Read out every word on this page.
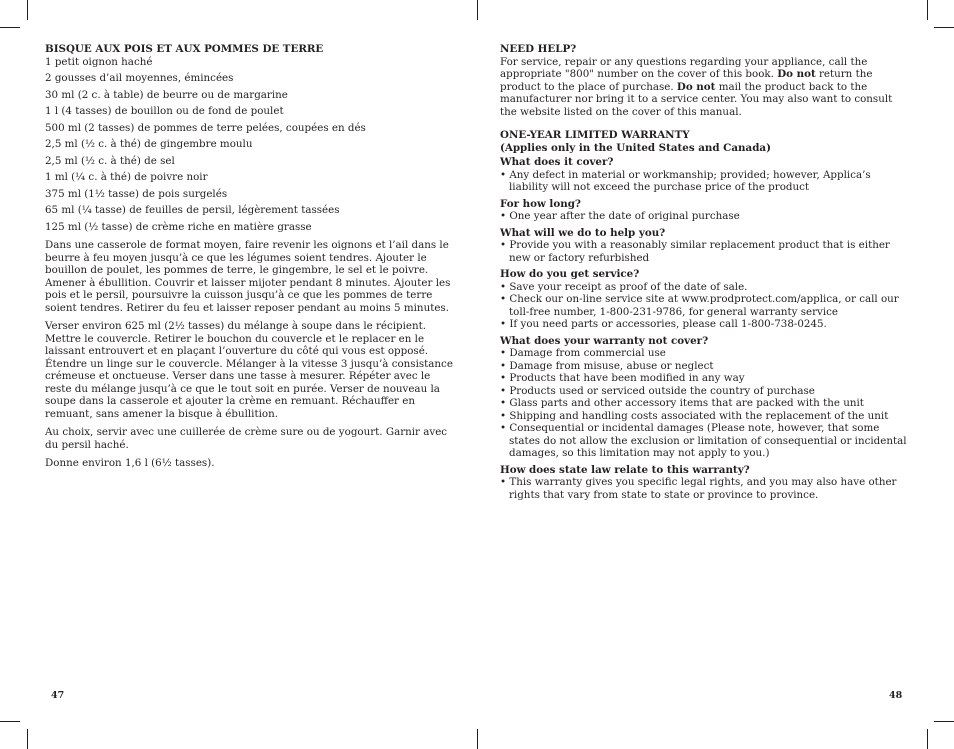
BISQUE AUX POIS ET AUX POMMES DE TERRE

1 petit oignon haché

2 gousses d’ail moyennes, émincées

30 ml (2 c. à table) de beurre ou de margarine

1 l (4 tasses) de bouillon ou de fond de poulet

500 ml (2 tasses) de pommes de terre pelées, coupées en dés

2,5 ml (½ c. à thé) de gingembre moulu

2,5 ml (½ c. à thé) de sel

1 ml (¼ c. à thé) de poivre noir

375 ml (1½ tasse) de pois surgelés

65 ml (¼ tasse) de feuilles de persil, légèrement tassées

125 ml (½ tasse) de crème riche en matière grasse

Dans une casserole de format moyen, faire revenir les oignons et l’ail dans le beurre à feu moyen jusqu’à ce que les légumes soient tendres. Ajouter le bouillon de poulet, les pommes de terre, le gingembre, le sel et le poivre. Amener à ébullition. Couvrir et laisser mijoter pendant 8 minutes. Ajouter les pois et le persil, poursuivre la cuisson jusqu’à ce que les pommes de terre soient tendres. Retirer du feu et laisser reposer pendant au moins 5 minutes.

Verser environ 625 ml (2½ tasses) du mélange à soupe dans le récipient. Mettre le couvercle. Retirer le bouchon du couvercle et le replacer en le laissant entrouvert et en plaçant l’ouverture du côté qui vous est opposé. Étendre un linge sur le couvercle. Mélanger à la vitesse 3 jusqu’à consistance crémeuse et onctueuse. Verser dans une tasse à mesurer. Répéter avec le reste du mélange jusqu’à ce que le tout soit en purée. Verser de nouveau la soupe dans la casserole et ajouter la crème en remuant. Réchauffer en remuant, sans amener la bisque à ébullition.

Au choix, servir avec une cuillerée de crème sure ou de yogourt. Garnir avec du persil haché.

Donne environ 1,6 l (6½ tasses).

NEED HELP?
For service, repair or any questions regarding your appliance, call the appropriate "800" number on the cover of this book. Do not return the product to the place of purchase. Do not mail the product back to the manufacturer nor bring it to a service center. You may also want to consult the website listed on the cover of this manual.
ONE-YEAR LIMITED WARRANTY
(Applies only in the United States and Canada)
What does it cover?
• Any defect in material or workmanship; provided; however, Applica’s liability will not exceed the purchase price of the product
For how long?
• One year after the date of original purchase
What will we do to help you?
• Provide you with a reasonably similar replacement product that is either new or factory refurbished
How do you get service?
• Save your receipt as proof of the date of sale.
• Check our on-line service site at www.prodprotect.com/applica, or call our toll-free number, 1-800-231-9786, for general warranty service
• If you need parts or accessories, please call 1-800-738-0245.
What does your warranty not cover?
• Damage from commercial use
• Damage from misuse, abuse or neglect
• Products that have been modified in any way
• Products used or serviced outside the country of purchase
• Glass parts and other accessory items that are packed with the unit
• Shipping and handling costs associated with the replacement of the unit
• Consequential or incidental damages (Please note, however, that some states do not allow the exclusion or limitation of consequential or incidental damages, so this limitation may not apply to you.)
How does state law relate to this warranty?
• This warranty gives you specific legal rights, and you may also have other rights that vary from state to state or province to province.
47	48
